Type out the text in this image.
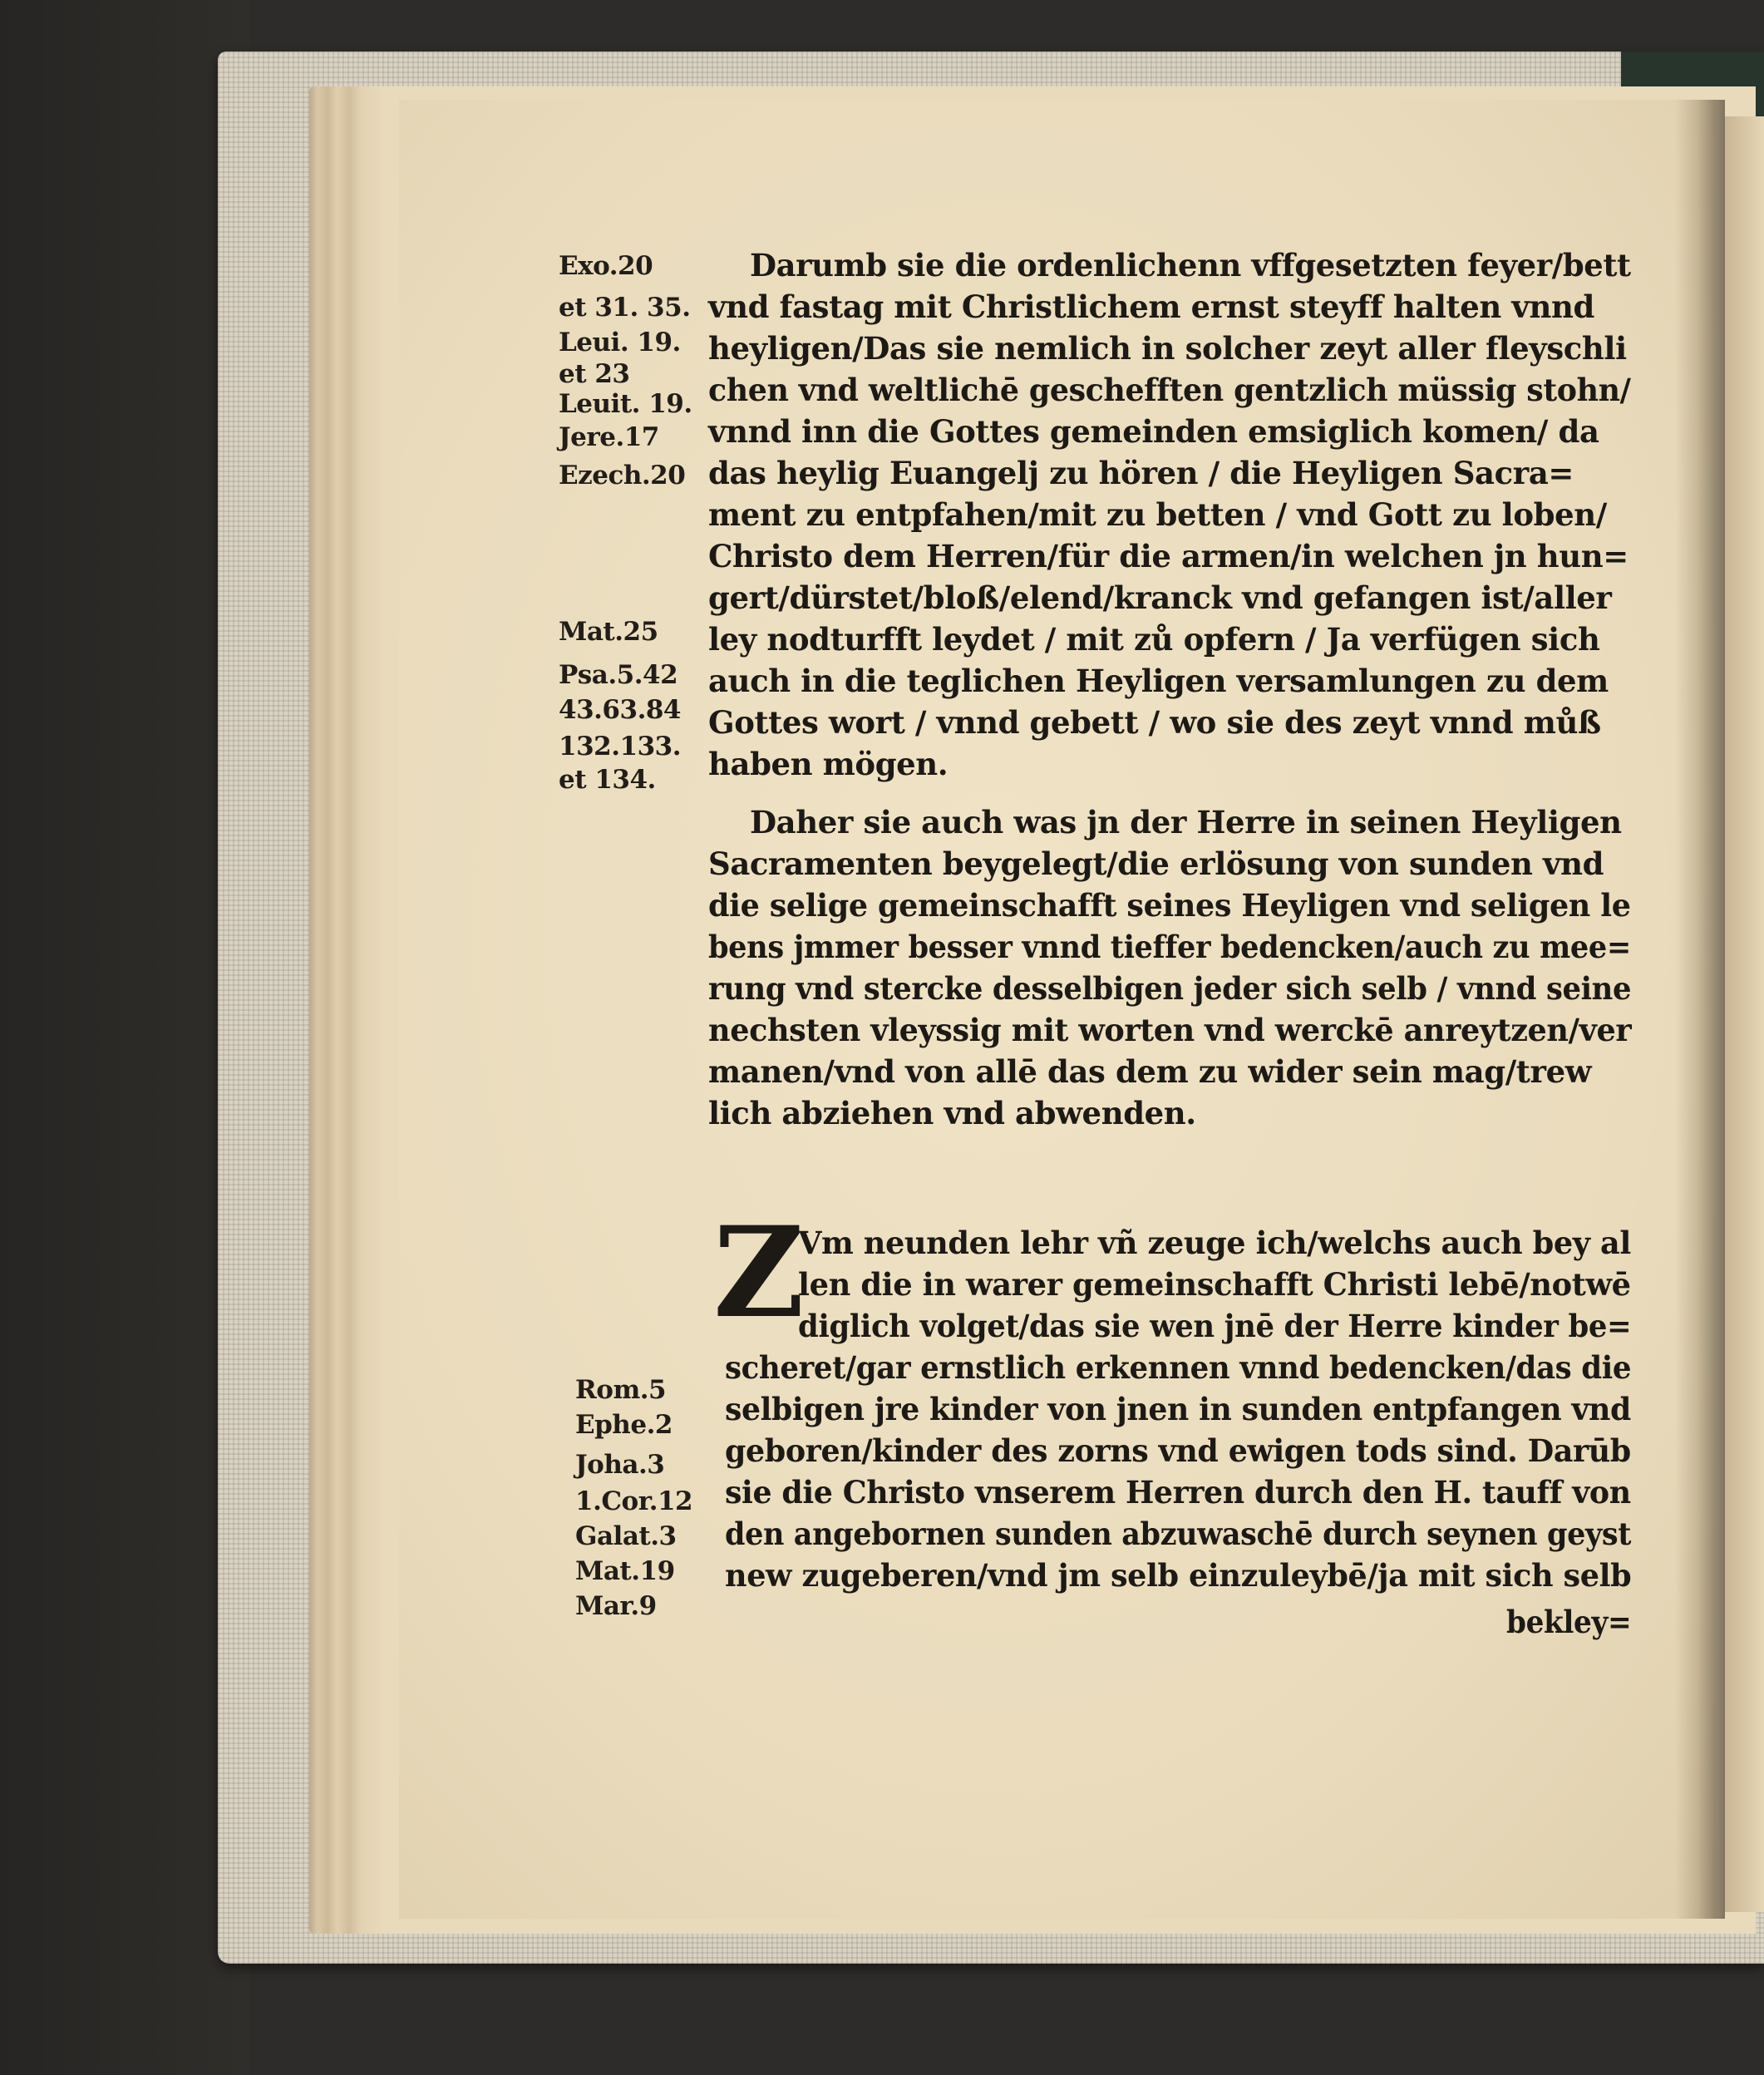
Darumb sie die ordenlichenn vffgesetzten feyer/bett
vnd fastag mit Christlichem ernst steyff halten vnnd
heyligen/Das sie nemlich in solcher zeyt aller fleyschli
chen vnd weltlichē geschefften gentzlich müssig stohn/
vnnd inn die Gottes gemeinden emsiglich komen/ da
das heylig Euangelj zu hören / die Heyligen Sacra=
ment zu entpfahen/mit zu betten / vnd Gott zu loben/
Christo dem Herren/für die armen/in welchen jn hun=
gert/dürstet/bloß/elend/kranck vnd gefangen ist/aller
ley nodturfft leydet / mit zů opfern / Ja verfügen sich
auch in die teglichen Heyligen versamlungen zu dem
Gottes wort / vnnd gebett / wo sie des zeyt vnnd můß
haben mögen.
Daher sie auch was jn der Herre in seinen Heyligen
Sacramenten beygelegt/die erlösung von sunden vnd
die selige gemeinschafft seines Heyligen vnd seligen le
bens jmmer besser vnnd tieffer bedencken/auch zu mee=
rung vnd stercke desselbigen jeder sich selb / vnnd seine
nechsten vleyssig mit worten vnd werckē anreytzen/ver
manen/vnd von allē das dem zu wider sein mag/trew
lich abziehen vnd abwenden.
Z
Vm neunden lehr vñ zeuge ich/welchs auch bey al
len die in warer gemeinschafft Christi lebē/notwē
diglich volget/das sie wen jnē der Herre kinder be=
scheret/gar ernstlich erkennen vnnd bedencken/das die
selbigen jre kinder von jnen in sunden entpfangen vnd
geboren/kinder des zorns vnd ewigen tods sind. Darūb
sie die Christo vnserem Herren durch den H. tauff von
den angebornen sunden abzuwaschē durch seynen geyst
new zugeberen/vnd jm selb einzuleybē/ja mit sich selb
bekley=
Exo.20
et 31. 35.
Leui. 19.
et 23
Leuit. 19.
Jere.17
Ezech.20
Mat.25
Psa.5.42
43.63.84
132.133.
et 134.
Rom.5
Ephe.2
Joha.3
1.Cor.12
Galat.3
Mat.19
Mar.9
